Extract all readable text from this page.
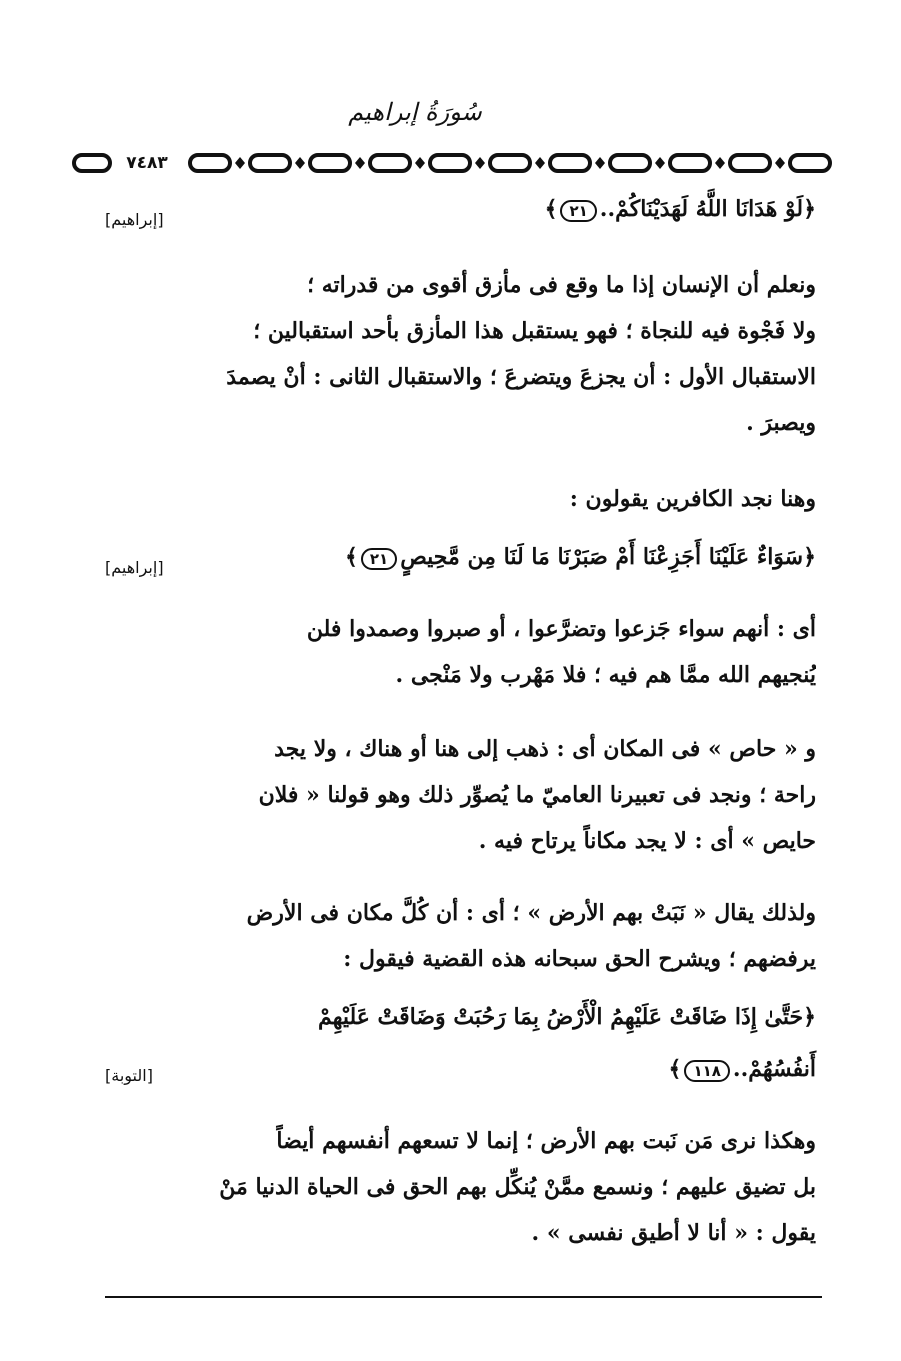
سُورَةُ إبراهيم
٧٤٨٣
﴿لَوْ هَدَانَا اللَّهُ لَهَدَيْنَاكُمْ..٢١﴾
[إبراهيم]
ونعلم أن الإنسان إذا ما وقع فى مأزق أقوى من قدراته ؛
ولا فَجْوة فيه للنجاة ؛ فهو يستقبل هذا المأزق بأحد استقبالين ؛
الاستقبال الأول : أن يجزعَ ويتضرعَ ؛ والاستقبال الثانى : أنْ يصمدَ
ويصبرَ .
وهنا نجد الكافرين يقولون :
﴿سَوَاءٌ عَلَيْنَا أَجَزِعْنَا أَمْ صَبَرْنَا مَا لَنَا مِن مَّحِيصٍ٢١﴾
[إبراهيم]
أى : أنهم سواء جَزعوا وتضرَّعوا ، أو صبروا وصمدوا فلن
يُنجيهم الله ممَّا هم فيه ؛ فلا مَهْرب ولا مَنْجى .
و « حاص » فى المكان أى : ذهب إلى هنا أو هناك ، ولا يجد
راحة ؛ ونجد فى تعبيرنا العاميّ ما يُصوِّر ذلك وهو قولنا « فلان
حايص » أى : لا يجد مكاناً يرتاح فيه .
ولذلك يقال « نَبَتْ بهم الأرض » ؛ أى : أن كُلَّ مكان فى الأرض
يرفضهم ؛ ويشرح الحق سبحانه هذه القضية فيقول :
﴿حَتَّىٰ إِذَا ضَاقَتْ عَلَيْهِمُ الْأَرْضُ بِمَا رَحُبَتْ وَضَاقَتْ عَلَيْهِمْ
أَنفُسُهُمْ..١١٨﴾
[التوبة]
وهكذا نرى مَن نَبت بهم الأرض ؛ إنما لا تسعهم أنفسهم أيضاً
بل تضيق عليهم ؛ ونسمع ممَّنْ يُنكِّل بهم الحق فى الحياة الدنيا مَنْ
يقول : « أنا لا أطيق نفسى » .
